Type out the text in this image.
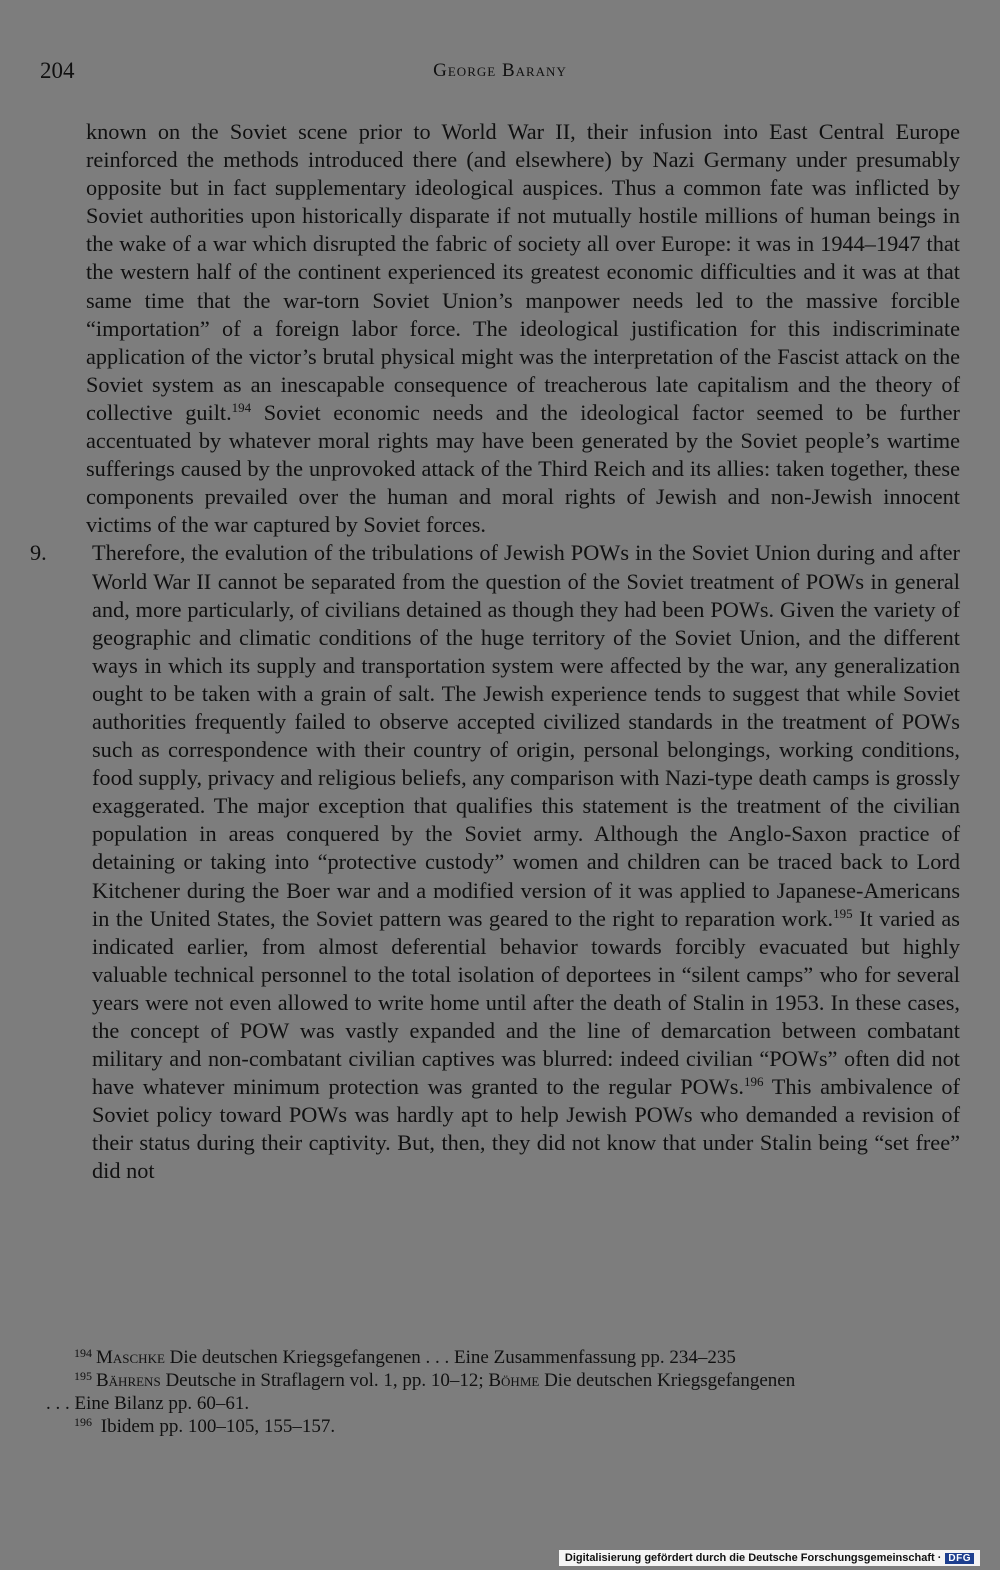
204	George Barany

known on the Soviet scene prior to World War II, their infusion into East Central Europe reinforced the methods introduced there (and elsewhere) by Nazi Germany under presumably opposite but in fact supplementary ideological auspices. Thus a common fate was inflicted by Soviet authorities upon historically disparate if not mutually hostile millions of human beings in the wake of a war which disrupted the fabric of society all over Europe: it was in 1944–1947 that the western half of the continent experienced its greatest economic difficulties and it was at that same time that the war-torn Soviet Union’s manpower needs led to the massive forcible “importation” of a foreign labor force. The ideological justification for this indiscriminate application of the victor’s brutal physical might was the interpretation of the Fascist attack on the Soviet system as an inescapable consequence of treacherous late capitalism and the theory of collective guilt.$^{194}$ Soviet economic needs and the ideological factor seemed to be further accentuated by whatever moral rights may have been generated by the Soviet people’s wartime sufferings caused by the unprovoked attack of the Third Reich and its allies: taken together, these components prevailed over the human and moral rights of Jewish and non-Jewish innocent victims of the war captured by Soviet forces.

9. Therefore, the evalution of the tribulations of Jewish POWs in the Soviet Union during and after World War II cannot be separated from the question of the Soviet treatment of POWs in general and, more particularly, of civilians detained as though they had been POWs. Given the variety of geographic and climatic conditions of the huge territory of the Soviet Union, and the different ways in which its supply and transportation system were affected by the war, any generalization ought to be taken with a grain of salt. The Jewish experience tends to suggest that while Soviet authorities frequently failed to observe accepted civilized standards in the treatment of POWs such as correspondence with their country of origin, personal belongings, working conditions, food supply, privacy and religious beliefs, any comparison with Nazi-type death camps is grossly exaggerated. The major exception that qualifies this statement is the treatment of the civilian population in areas conquered by the Soviet army. Although the Anglo-Saxon practice of detaining or taking into “protective custody” women and children can be traced back to Lord Kitchener during the Boer war and a modified version of it was applied to Japanese-Americans in the United States, the Soviet pattern was geared to the right to reparation work.$^{195}$ It varied as indicated earlier, from almost deferential behavior towards forcibly evacuated but highly valuable technical personnel to the total isolation of deportees in “silent camps” who for several years were not even allowed to write home until after the death of Stalin in 1953. In these cases, the concept of POW was vastly expanded and the line of demarcation between combatant military and non-combatant civilian captives was blurred: indeed civilian “POWs” often did not have whatever minimum protection was granted to the regular POWs.$^{196}$ This ambivalence of Soviet policy toward POWs was hardly apt to help Jewish POWs who demanded a revision of their status during their captivity. But, then, they did not know that under Stalin being “set free” did not

$^{194}$ Maschke Die deutschen Kriegsgefangenen . . . Eine Zusammenfassung pp. 234–235

$^{195}$ Bährens Deutsche in Straflagern vol. 1, pp. 10–12; Böhme Die deutschen Kriegsgefangenen

. . . Eine Bilanz pp. 60–61.

$^{196}$ Ibidem pp. 100–105, 155–157.

Digitalisierung gefördert durch die Deutsche Forschungsgemeinschaft · DFG
